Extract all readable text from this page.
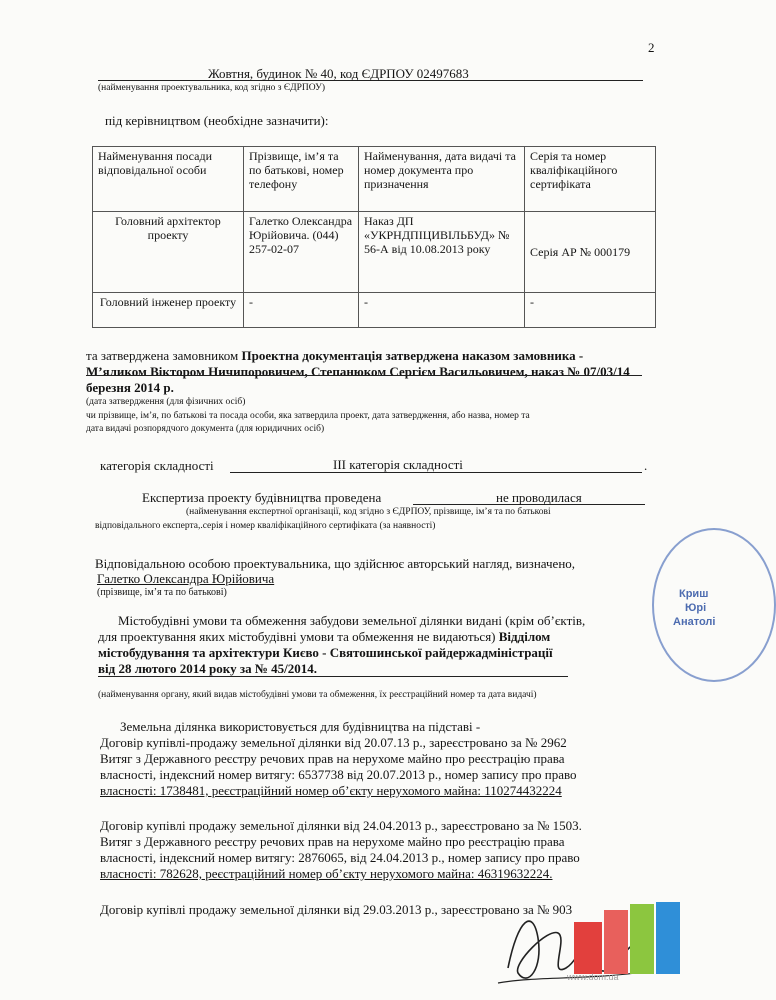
2
Жовтня, будинок № 40, код ЄДРПОУ 02497683
(найменування проектувальника, код згідно з ЄДРПОУ)
під керівництвом (необхідне зазначити):
Найменування посади відповідальної особи	Прізвище, ім’я та по батькові, номер телефону	Найменування, дата видачі та номер документа про призначення	Серія та номер кваліфікаційного сертифіката
Головний архітектор проекту	Галетко Олександра Юрійовича. (044) 257-02-07	Наказ ДП «УКРНДПІЦИВІЛЬБУД» № 56-А від 10.08.2013 року	Серія АР № 000179
Головний інженер проекту	-	-	-
та затверджена замовником Проектна документація затверджена наказом замовника -
М’яликом Віктором Ничипоровичем, Степанюком Сергієм Васильовичем, наказ № 07/03/14
березня 2014 р.
(дата затвердження (для фізичних осіб)
чи прізвище, ім’я, по батькові та посада особи, яка затвердила проект, дата затвердження, або назва, номер та
дата видачі розпорядчого документа (для юридичних осіб)
категорія складності	ІІІ категорія складності	.
Експертиза проекту будівництва проведена	не проводилася
(найменування експертної організації, код згідно з ЄДРПОУ, прізвище, ім’я та по батькові
відповідального експерта,.серія і номер кваліфікаційного сертифіката (за наявності)
Відповідальною особою проектувальника, що здійснює авторський нагляд, визначено,
Галетко Олександра Юрійовича
(прізвище, ім’я та по батькові)
Містобудівні умови та обмеження забудови земельної ділянки видані (крім об’єктів,
для проектування яких містобудівні умови та обмеження не видаються) Відділом
містобудування та архітектури Києво - Святошинської райдержадміністрації
від 28 лютого 2014 року за № 45/2014.
(найменування органу, який видав містобудівні умови та обмеження, їх реєстраційний номер та дата видачі)
Земельна ділянка використовується для будівництва на підставі -
Договір купівлі-продажу земельної ділянки від 20.07.13 р., зареєстровано за № 2962
Витяг з Державного реєстру речових прав на нерухоме майно про реєстрацію права
власності, індексний номер витягу: 6537738 від 20.07.2013 р., номер запису про право
власності: 1738481, реєстраційний номер об’єкту нерухомого майна: 110274432224
Договір купівлі продажу земельної ділянки від 24.04.2013 р., зареєстровано за № 1503.
Витяг з Державного реєстру речових прав на нерухоме майно про реєстрацію права
власності, індексний номер витягу: 2876065, від 24.04.2013 р., номер запису про право
власності: 782628, реєстраційний номер об’єкту нерухомого майна: 46319632224.
Договір купівлі продажу земельної ділянки від 29.03.2013 р., зареєстровано за № 903
Криш
Юрі
Анатолі
www.dom.ua
